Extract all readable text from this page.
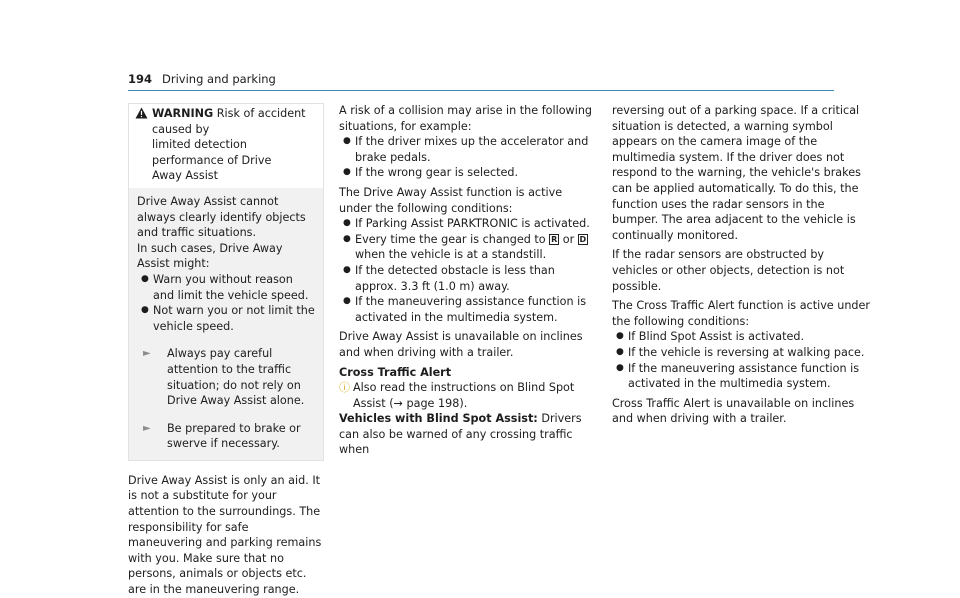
194 Driving and parking
WARNING Risk of accident caused by
limited detection performance of Drive
Away Assist

Drive Away Assist cannot always clearly identify objects and traffic situations.

In such cases, Drive Away Assist might:

● Warn you without reason and limit the vehicle speed.
● Not warn you or not limit the vehicle speed.
►	Always pay careful attention to the traffic situation; do not rely on Drive Away Assist alone.
►	Be prepared to brake or swerve if necessary.

Drive Away Assist is only an aid. It is not a substitute for your attention to the surroundings. The responsibility for safe maneuvering and parking remains with you. Make sure that no persons, animals or objects etc. are in the maneuvering range.

A risk of a collision may arise in the following situations, for example:

● If the driver mixes up the accelerator and brake pedals.
● If the wrong gear is selected.

The Drive Away Assist function is active under the following conditions:

● If Parking Assist PARKTRONIC is activated.
● Every time the gear is changed to R or D when the vehicle is at a standstill.
● If the detected obstacle is less than approx. 3.3 ft (1.0 m) away.
● If the maneuvering assistance function is activated in the multimedia system.

Drive Away Assist is unavailable on inclines and when driving with a trailer.

Cross Traffic Alert

ⓘ Also read the instructions on Blind Spot Assist (→ page 198).

Vehicles with Blind Spot Assist: Drivers can also be warned of any crossing traffic when

reversing out of a parking space. If a critical situation is detected, a warning symbol appears on the camera image of the multimedia system. If the driver does not respond to the warning, the vehicle's brakes can be applied automatically. To do this, the function uses the radar sensors in the bumper. The area adjacent to the vehicle is continually monitored.

If the radar sensors are obstructed by vehicles or other objects, detection is not possible.

The Cross Traffic Alert function is active under the following conditions:

● If Blind Spot Assist is activated.
● If the vehicle is reversing at walking pace.
● If the maneuvering assistance function is activated in the multimedia system.

Cross Traffic Alert is unavailable on inclines and when driving with a trailer.
